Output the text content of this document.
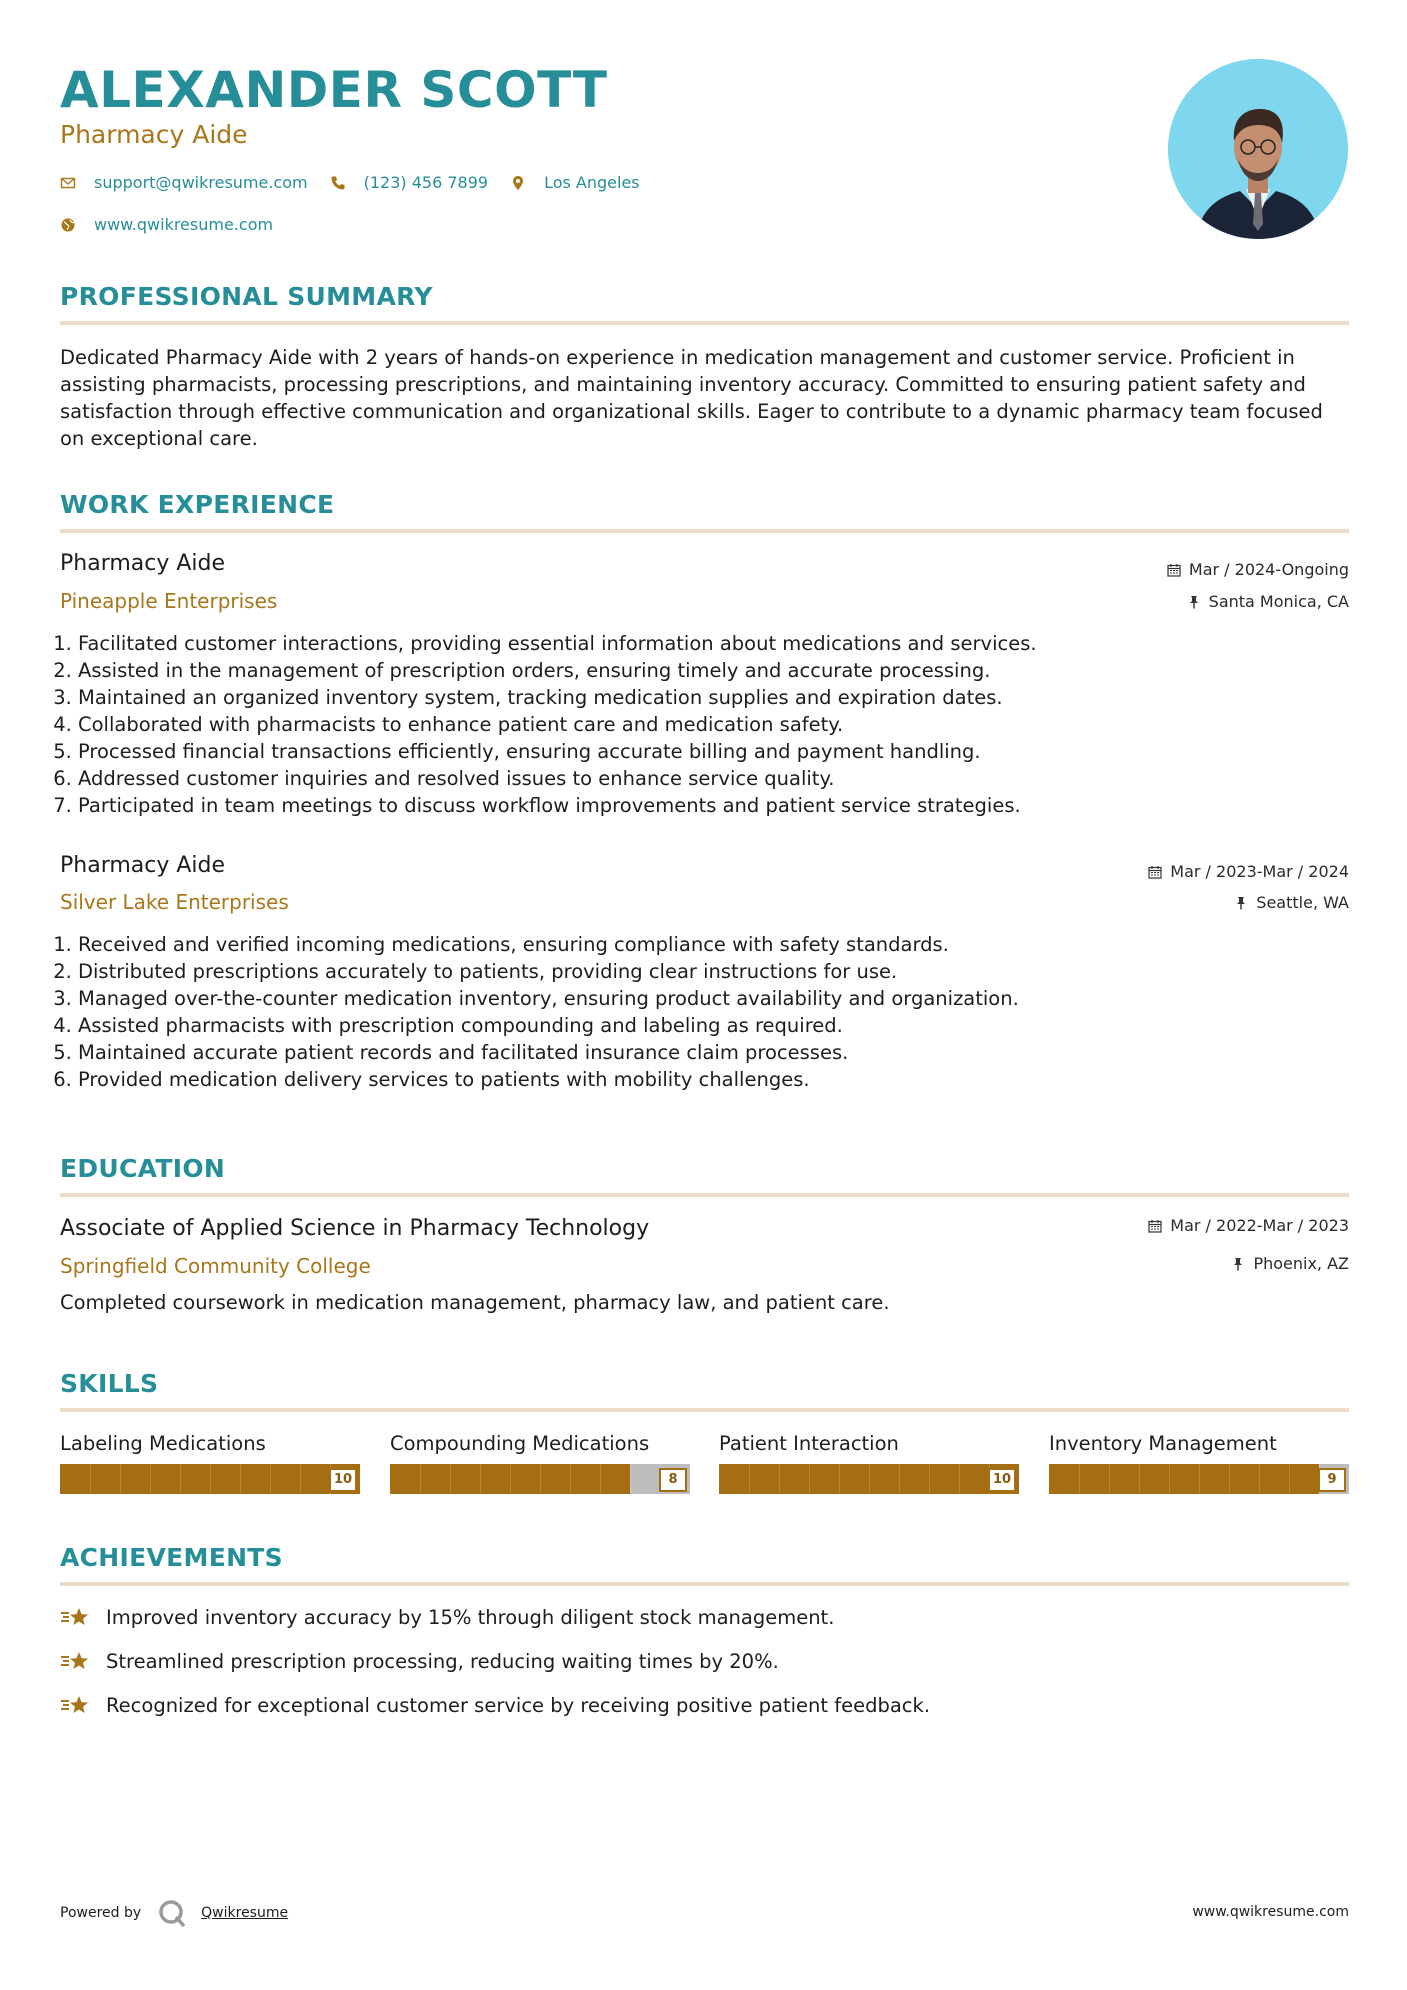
ALEXANDER SCOTT
Pharmacy Aide
support@qwikresume.com	(123) 456 7899	Los Angeles
www.qwikresume.com
PROFESSIONAL SUMMARY
Dedicated Pharmacy Aide with 2 years of hands-on experience in medication management and customer service. Proficient in assisting pharmacists, processing prescriptions, and maintaining inventory accuracy. Committed to ensuring patient safety and satisfaction through effective communication and organizational skills. Eager to contribute to a dynamic pharmacy team focused on exceptional care.
WORK EXPERIENCE
Pharmacy Aide
Pineapple Enterprises
Mar / 2024-Ongoing
Santa Monica, CA
1. Facilitated customer interactions, providing essential information about medications and services.
2. Assisted in the management of prescription orders, ensuring timely and accurate processing.
3. Maintained an organized inventory system, tracking medication supplies and expiration dates.
4. Collaborated with pharmacists to enhance patient care and medication safety.
5. Processed financial transactions efficiently, ensuring accurate billing and payment handling.
6. Addressed customer inquiries and resolved issues to enhance service quality.
7. Participated in team meetings to discuss workflow improvements and patient service strategies.
Pharmacy Aide
Silver Lake Enterprises
Mar / 2023-Mar / 2024
Seattle, WA
1. Received and verified incoming medications, ensuring compliance with safety standards.
2. Distributed prescriptions accurately to patients, providing clear instructions for use.
3. Managed over-the-counter medication inventory, ensuring product availability and organization.
4. Assisted pharmacists with prescription compounding and labeling as required.
5. Maintained accurate patient records and facilitated insurance claim processes.
6. Provided medication delivery services to patients with mobility challenges.
EDUCATION
Associate of Applied Science in Pharmacy Technology
Springfield Community College
Mar / 2022-Mar / 2023
Phoenix, AZ
Completed coursework in medication management, pharmacy law, and patient care.
SKILLS
Labeling Medications
10
Compounding Medications
8
Patient Interaction
10
Inventory Management
9
ACHIEVEMENTS
Improved inventory accuracy by 15% through diligent stock management.
Streamlined prescription processing, reducing waiting times by 20%.
Recognized for exceptional customer service by receiving positive patient feedback.
Powered by	Qwikresume	www.qwikresume.com
